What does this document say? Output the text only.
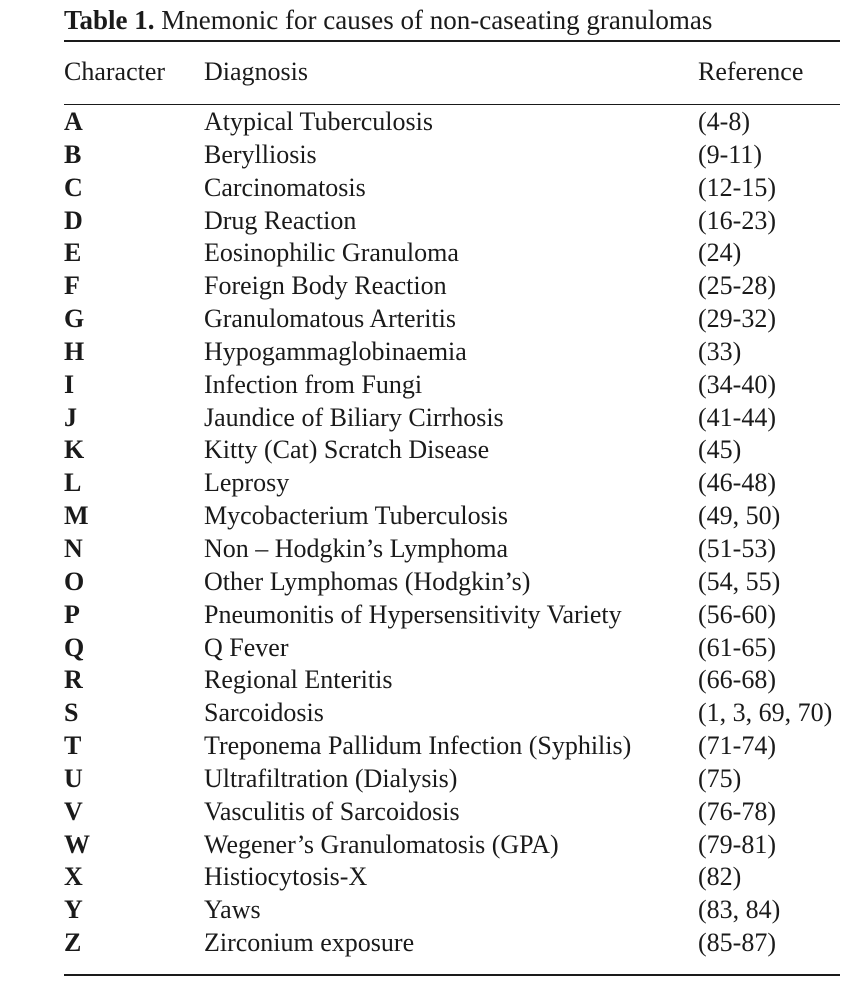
Table 1. Mnemonic for causes of non-caseating granulomas
Character Diagnosis	Reference
A	Atypical Tuberculosis	(4-8)
B	Berylliosis	(9-11)
C	Carcinomatosis	(12-15)
D	Drug Reaction	(16-23)
E	Eosinophilic Granuloma	(24)
F	Foreign Body Reaction	(25-28)
G	Granulomatous Arteritis	(29-32)
H	Hypogammaglobinaemia	(33)
I	Infection from Fungi	(34-40)
J	Jaundice of Biliary Cirrhosis	(41-44)
K	Kitty (Cat) Scratch Disease	(45)
L	Leprosy	(46-48)
M	Mycobacterium Tuberculosis	(49, 50)
N	Non – Hodgkin’s Lymphoma	(51-53)
O	Other Lymphomas (Hodgkin’s)	(54, 55)
P	Pneumonitis of Hypersensitivity Variety	(56-60)
Q	Q Fever	(61-65)
R	Regional Enteritis	(66-68)
S	Sarcoidosis	(1, 3, 69, 70)
T	Treponema Pallidum Infection (Syphilis)	(71-74)
U	Ultrafiltration (Dialysis)	(75)
V	Vasculitis of Sarcoidosis	(76-78)
W	Wegener’s Granulomatosis (GPA)	(79-81)
X	Histiocytosis-X	(82)
Y	Yaws	(83, 84)
Z	Zirconium exposure	(85-87)
